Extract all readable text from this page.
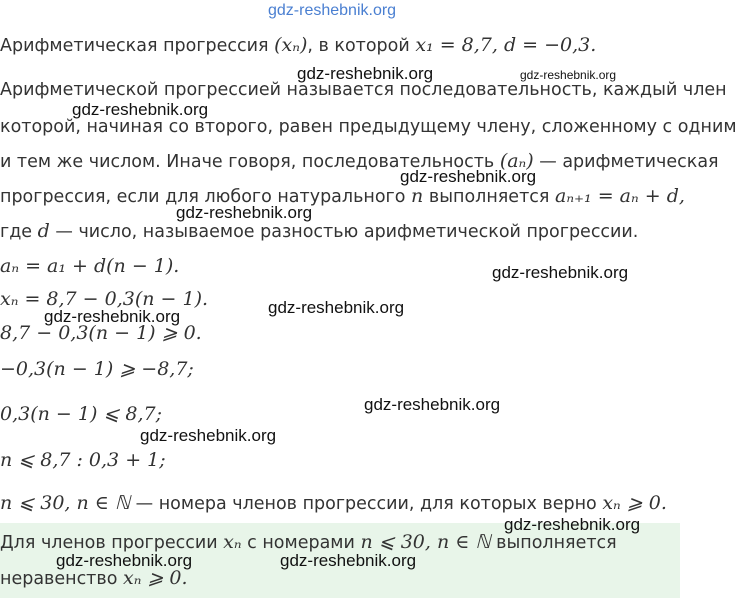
gdz-reshebnik.org
Арифметическая прогрессия (xₙ), в которой x₁ = 8,7, d = −0,3.
gdz-reshebnik.org	gdz-reshebnik.org
Арифметической прогрессией называется последовательность, каждый член
gdz-reshebnik.org
которой, начиная со второго, равен предыдущему члену, сложенному с одним
и тем же числом. Иначе говоря, последовательность (aₙ) — арифметическая
gdz-reshebnik.org
прогрессия, если для любого натурального n выполняется aₙ₊₁ = aₙ + d,
gdz-reshebnik.org
где d — число, называемое разностью арифметической прогрессии.
aₙ = a₁ + d(n − 1).	gdz-reshebnik.org
xₙ = 8,7 − 0,3(n − 1).	gdz-reshebnik.org
gdz-reshebnik.org
8,7 − 0,3(n − 1) ⩾ 0.
−0,3(n − 1) ⩾ −8,7;
gdz-reshebnik.org
0,3(n − 1) ⩽ 8,7;
gdz-reshebnik.org
n ⩽ 8,7 : 0,3 + 1;
n ⩽ 30, n ∈ ℕ — номера членов прогрессии, для которых верно xₙ ⩾ 0.
Для членов прогрессии xₙ с номерами n ⩽ 30, n ∈ ℕ выполняется
неравенство xₙ ⩾ 0.
gdz-reshebnik.org
gdz-reshebnik.org	gdz-reshebnik.org
